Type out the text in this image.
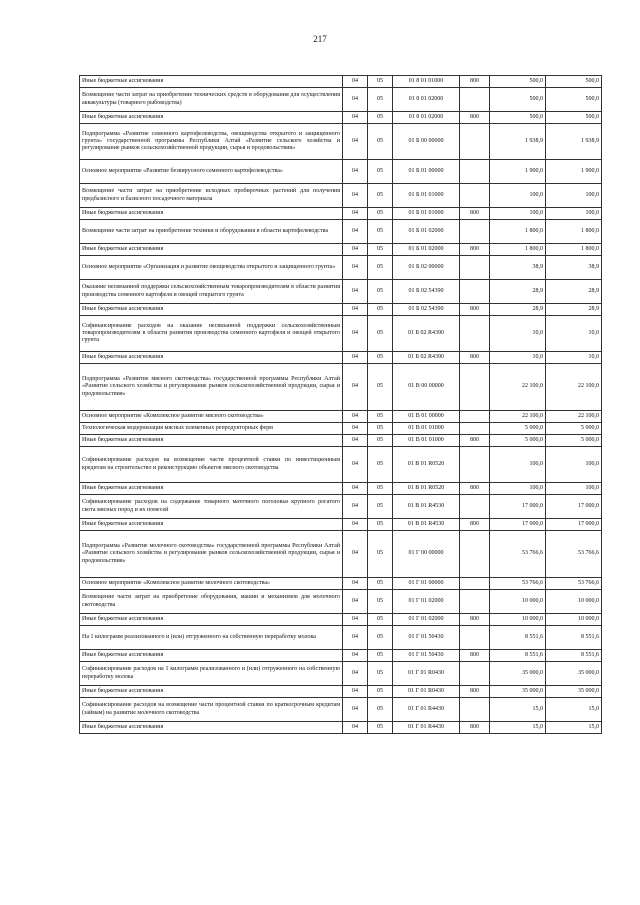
217
Иные бюджетные ассигнования	04	05	01 8 01 01000	800	500,0	500,0
Возмещение части затрат на приобретение технических средств в оборудования для осуществления аквакультуры (товарного рыбоводства)	04	05	01 8 01 02000		500,0	500,0
Иные бюджетные ассигнования	04	05	01 8 01 02000	800	500,0	500,0
Подпрограмма «Развитие семенного картофелеводства, овощеводства открытого и защищенного грунта» государственной программы Республики Алтай «Развитие сельского хозяйства и регулирование рынков сельскохозяйственной продукции, сырья и продовольствия»	04	05	01 Б 00 00000		1 938,9	1 938,9
Основное мероприятие «Развитие безвирусного семенного картофелеводства»	04	05	01 Б 01 00000		1 900,0	1 900,0
Возмещение части затрат на приобретение исходных пробирочных растений для получения предбазисного и базисного посадочного материала	04	05	01 Б 01 01000		100,0	100,0
Иные бюджетные ассигнования	04	05	01 Б 01 01000	800	100,0	100,0
Возмещение части затрат на приобретение техники и оборудования в области картофелеводства	04	05	01 Б 01 02000		1 800,0	1 800,0
Иные бюджетные ассигнования	04	05	01 Б 01 02000	800	1 800,0	1 800,0
Основное мероприятие «Организация и развитие овощеводства открытого и защищенного грунта»	04	05	01 Б 02 00000		38,9	38,9
Оказание несвязанной поддержки сельскохозяйственным товаропроизводителям в области развития производства семенного картофеля и овощей открытого грунта	04	05	01 Б 02 54390		28,9	28,9
Иные бюджетные ассигнования	04	05	01 Б 02 54390	800	28,9	28,9
Софинансирование расходов на оказание несвязанной поддержки сельскохозяйственным товаропроизводителям в области развития производства семенного картофеля и овощей открытого грунта	04	05	01 Б 02 R4390		10,0	10,0
Иные бюджетные ассигнования	04	05	01 Б 02 R4390	800	10,0	10,0
Подпрограмма «Развитие мясного скотоводства» государственной программы Республики Алтай «Развитие сельского хозяйства и регулирование рынков сельскохозяйственной продукции, сырья и продовольствия»	04	05	01 В 00 00000		22 100,0	22 100,0
Основное мероприятие «Комплексное развитие мясного скотоводства»	04	05	01 В 01 00000		22 100,0	22 100,0
Технологическая модернизация мясных племенных репродукторных ферм	04	05	01 В 01 01000		5 000,0	5 000,0
Иные бюджетные ассигнования	04	05	01 В 01 01000	800	5 000,0	5 000,0
Софинансирование расходов на возмещение части процентной ставки по инвестиционным кредитам на строительство и реконструкцию объектов мясного скотоводства	04	05	01 В 01 R0520		100,0	100,0
Иные бюджетные ассигнования	04	05	01 В 01 R0520	800	100,0	100,0
Софинансирование расходов на содержание товарного маточного поголовья крупного рогатого скота мясных пород и их помесей	04	05	01 В 01 R4530		17 000,0	17 000,0
Иные бюджетные ассигнования	04	05	01 В 01 R4530	800	17 000,0	17 000,0
Подпрограмма «Развитие молочного скотоводства» государственной программы Республики Алтай «Развитие сельского хозяйства и регулирование рынков сельскохозяйственной продукции, сырья и продовольствия»	04	05	01 Г 00 00000		53 766,6	53 766,6
Основное мероприятие «Комплексное развитие молочного скотоводства»	04	05	01 Г 01 00000		53 766,6	53 766,6
Возмещение части затрат на приобретение оборудования, машин и механизмов для молочного скотоводства	04	05	01 Г 01 02000		10 000,0	10 000,0
Иные бюджетные ассигнования	04	05	01 Г 01 02000	800	10 000,0	10 000,0
На 1 килограмм реализованного и (или) отгруженного на собственную переработку молока	04	05	01 Г 01 50430		8 551,6	8 551,6
Иные бюджетные ассигнования	04	05	01 Г 01 50430	800	8 551,6	8 551,6
Софинансирование расходов на 1 килограмм реализованного и (или) отгруженного на собственную переработку молока	04	05	01 Г 01 R0430		35 000,0	35 000,0
Иные бюджетные ассигнования	04	05	01 Г 01 R0430	800	35 000,0	35 000,0
Софинансирование расходов на возмещение части процентной ставки по краткосрочным кредитам (займам) на развитие молочного скотоводства	04	05	01 Г 01 R4430		15,0	15,0
Иные бюджетные ассигнования	04	05	01 Г 01 R4430	800	15,0	15,0
